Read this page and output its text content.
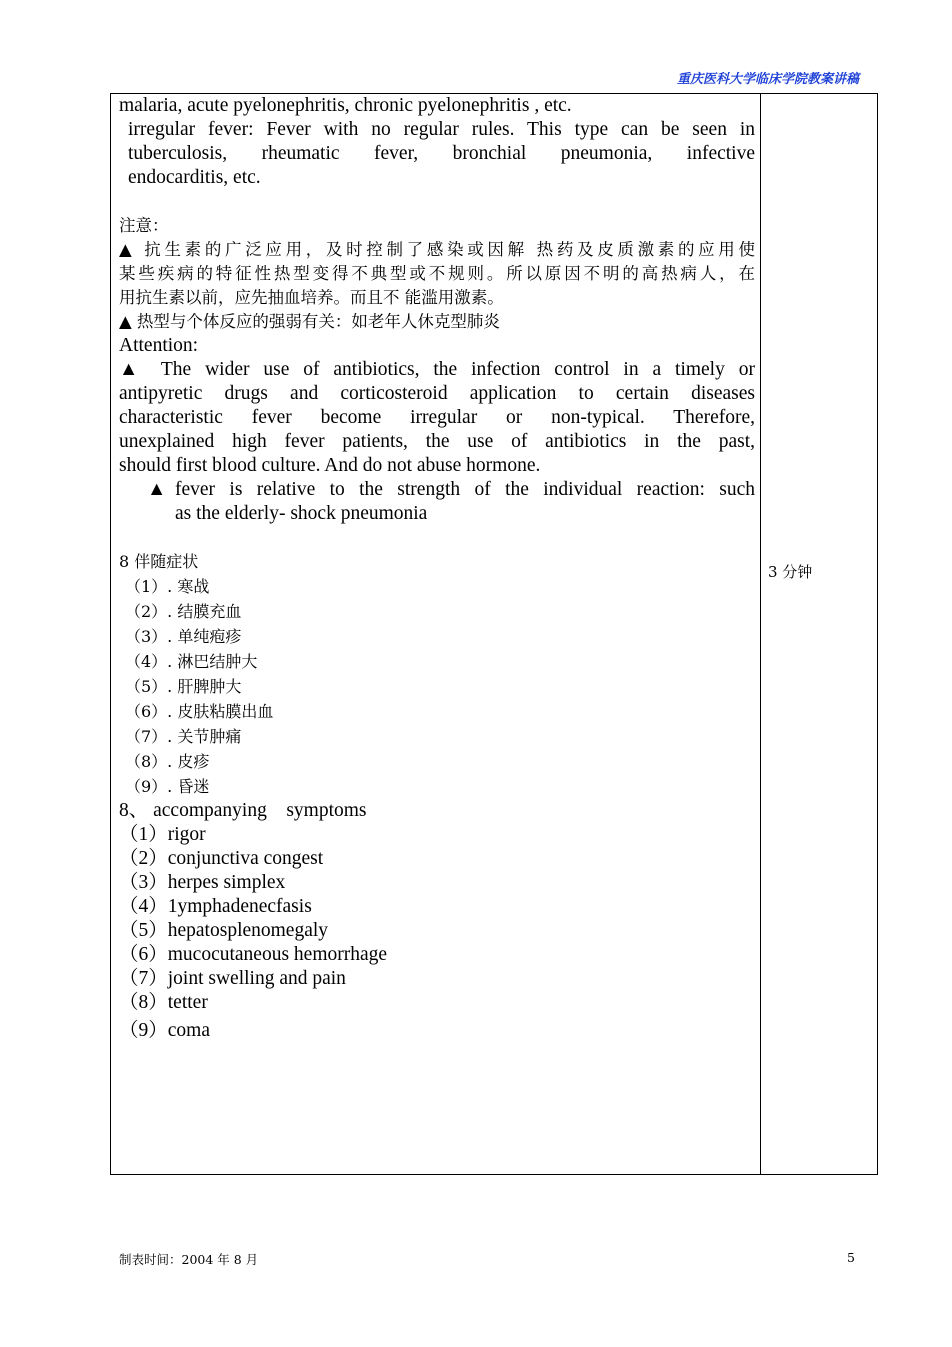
重庆医科大学临床学院教案讲稿
malaria, acute pyelonephritis, chronic pyelonephritis , etc.
irregular fever: Fever with no regular rules. This type can be seen in
tuberculosis, rheumatic fever, bronchial pneumonia, infective
endocarditis, etc.
注意：
▲ 抗生素的广泛应用，及时控制了感染或因解 热药及皮质激素的应用使
某些疾病的特征性热型变得不典型或不规则。所以原因不明的高热病人，在
用抗生素以前，应先抽血培养。而且不 能滥用激素。
▲ 热型与个体反应的强弱有关：如老年人休克型肺炎
Attention:
▲ The wider use of antibiotics, the infection control in a timely or
antipyretic drugs and corticosteroid application to certain diseases
characteristic fever become irregular or non-typical. Therefore,
unexplained high fever patients, the use of antibiotics in the past,
should first blood culture. And do not abuse hormone.
▲ fever is relative to the strength of the individual reaction: such
as the elderly- shock pneumonia
8 伴随症状
（1）. 寒战
（2）. 结膜充血
（3）. 单纯疱疹
（4）. 淋巴结肿大
（5）. 肝脾肿大
（6）. 皮肤粘膜出血
（7）. 关节肿痛
（8）. 皮疹
（9）. 昏迷
8、 accompanying    symptoms
（1）rigor
（2）conjunctiva congest
（3）herpes simplex
（4）1ymphadenecfasis
（5）hepatosplenomegaly
（6）mucocutaneous hemorrhage
（7）joint swelling and pain
（8）tetter
（9）coma
3 分钟
制表时间：2004 年 8 月	5
